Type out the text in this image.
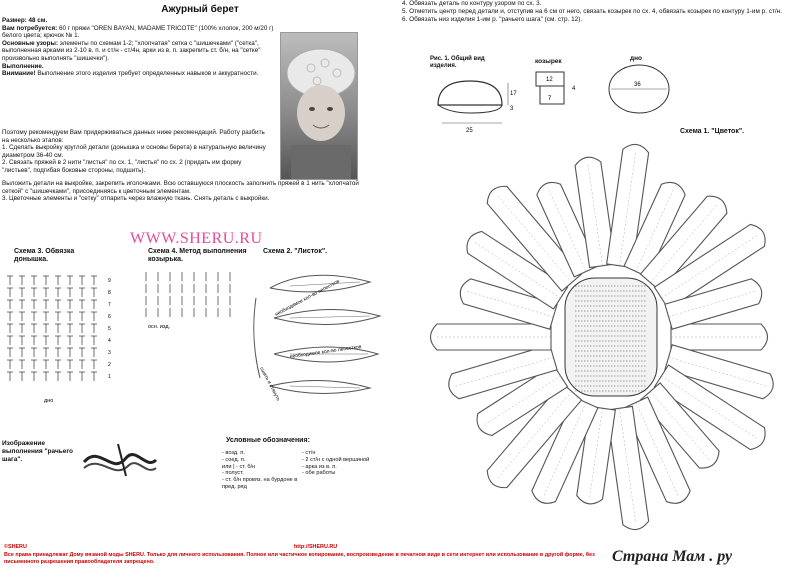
Ажурный берет
Размер: 48 см.
Вам потребуется: 60 г пряжи "OREN BAYAN, MADAME TRICOTE" (100% хлопок, 200 м/20 г) белого цвета; крючок № 1.
Основные узоры: элементы по схемам 1-2; "хлопчатая" сетка с "шишечками" ("сетка", выполненная арками из 2-10 в. п. и ст/н - ст/4н, арки из в. п. закрепить ст. б/н, на "сетке" произвольно выполнять "шишечки").
Выполнение.
Внимание! Выполнение этого изделия требует определенных навыков и аккуратности.
Поэтому рекомендуем Вам придерживаться данных ниже рекомендаций. Работу разбить на несколько этапов:
1. Сделать выкройку круглой детали (донышка и основы берета) в натуральную величину диаметром 36-40 см.
2. Связать пряжей в 2 нити "листья" по сх. 1, "листья" по сх. 2 (придать им форму "листьев", подгибая боковые стороны, подшить).
Выложить детали на выкройке, закрепить иголочками. Всю оставшуюся плоскость заполнить пряжей в 1 нить "хлопчатой сеткой" с "шишечками", присоединяясь к цветочным элементам.
3. Цветочные элементы и "сетку" отпарить через влажную ткань. Снять деталь с выкройки.
WWW.SHERU.RU
4. Обвязать деталь по контуру узором по сх. 3.
5. Отметить центр перед детали и, отступив на 6 см от него, связать козырек по сх. 4, обвязать козырек по контуру 1-им р. ст/н.
6. Обвязать низ изделия 1-им р. "рачьего шага" (см. стр. 12).
Рис. 1. Общий вид изделия.
17
3
25
козырек
12
4
7
дно
36
Схема 1. "Цветок".
Схема 2. "Листок".
необходимое кол-во лепестков
необходимое кол-во лепестков
сшить и стянуть
Схема 3. Обвязка донышка.
9
8
7
6
5
4
3
2
1
дно
Схема 4. Метод выполнения козырька.
осн. изд.
Изображение выполнения "рачьего шага".
Условные обозначения:
- возд. п.
- соед. п.
или | - ст. б/н
- полуст.
- ст. б/н провяз. на бурдоне в пред. ряд
- ст/н
- 2 ст/н с одной вершиной
- арка из в. п.
- обе работы
©SHERU	http://SHERU.RU
Все права принадлежат Дому вязаной моды SHERU. Только для личного использования. Полное или частичное копирование, воспроизведение в печатном виде в сети интернет или использование в другой форме, без письменного разрешения правообладателя запрещено.	Страна Мам . ру
